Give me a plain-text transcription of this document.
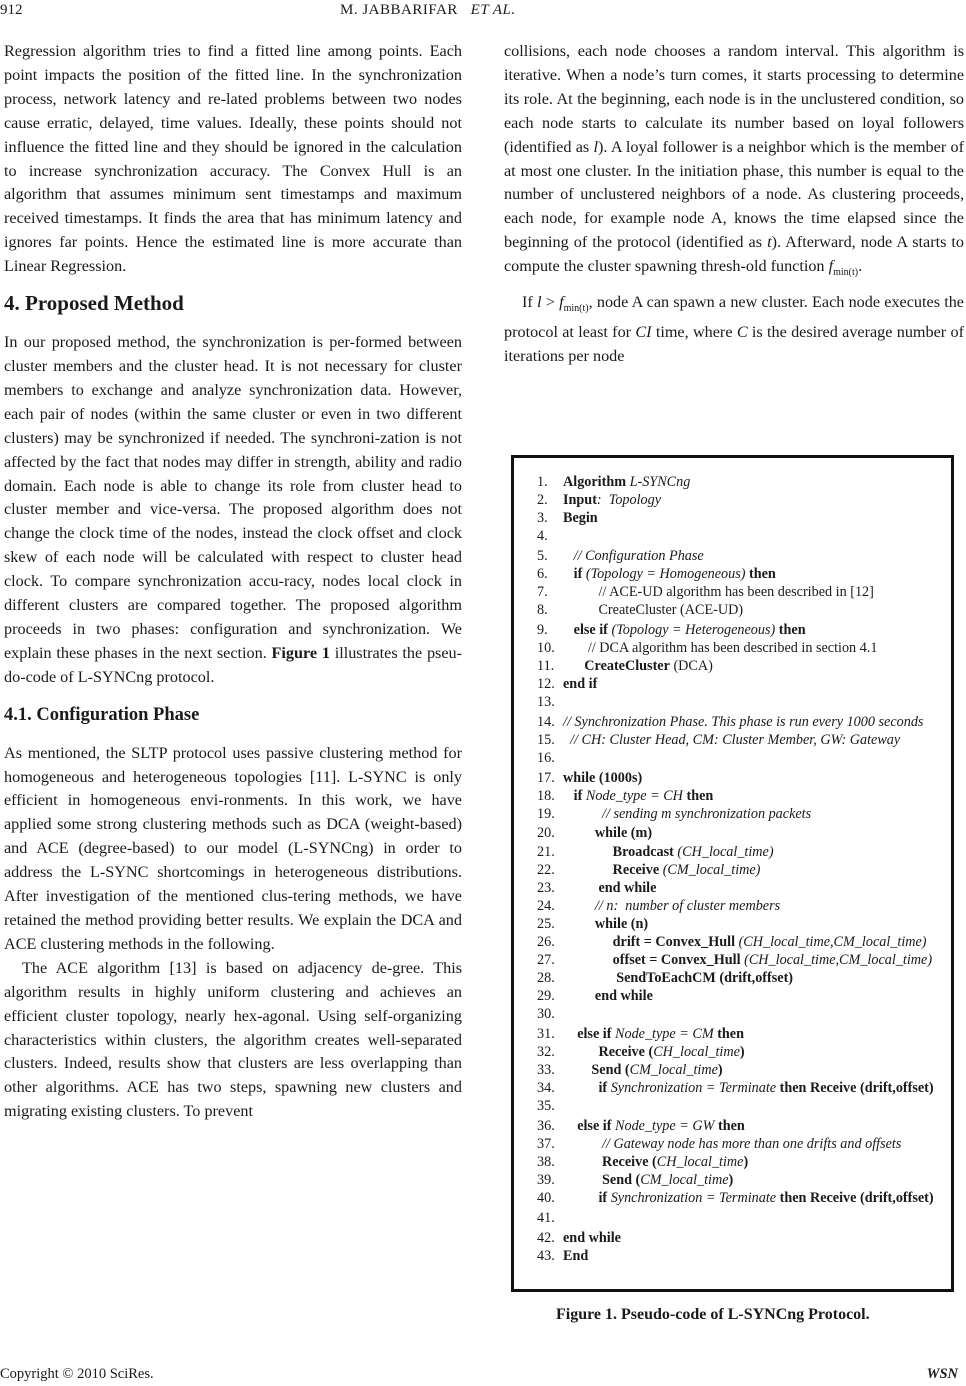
912	M. JABBARIFAR ET AL.

Regression algorithm tries to find a fitted line among points. Each point impacts the position of the fitted line. In the synchronization process, network latency and re-lated problems between two nodes cause erratic, delayed, time values. Ideally, these points should not influence the fitted line and they should be ignored in the calculation to increase synchronization accuracy. The Convex Hull is an algorithm that assumes minimum sent timestamps and maximum received timestamps. It finds the area that has minimum latency and ignores far points. Hence the estimated line is more accurate than Linear Regression.

4. Proposed Method

In our proposed method, the synchronization is per-formed between cluster members and the cluster head. It is not necessary for cluster members to exchange and analyze synchronization data. However, each pair of nodes (within the same cluster or even in two different clusters) may be synchronized if needed. The synchroni-zation is not affected by the fact that nodes may differ in strength, ability and radio domain. Each node is able to change its role from cluster head to cluster member and vice-versa. The proposed algorithm does not change the clock time of the nodes, instead the clock offset and clock skew of each node will be calculated with respect to cluster head clock. To compare synchronization accu-racy, nodes local clock in different clusters are compared together. The proposed algorithm proceeds in two phases: configuration and synchronization. We explain these phases in the next section. Figure 1 illustrates the pseu-do-code of L-SYNCng protocol.

4.1. Configuration Phase

As mentioned, the SLTP protocol uses passive clustering method for homogeneous and heterogeneous topologies [11]. L-SYNC is only efficient in homogeneous envi-ronments. In this work, we have applied some strong clustering methods such as DCA (weight-based) and ACE (degree-based) to our model (L-SYNCng) in order to address the L-SYNC shortcomings in heterogeneous distributions. After investigation of the mentioned clus-tering methods, we have retained the method providing better results. We explain the DCA and ACE clustering methods in the following.

The ACE algorithm [13] is based on adjacency de-gree. This algorithm results in highly uniform clustering and achieves an efficient cluster topology, nearly hex-agonal. Using self-organizing characteristics within clusters, the algorithm creates well-separated clusters. Indeed, results show that clusters are less overlapping than other algorithms. ACE has two steps, spawning new clusters and migrating existing clusters. To prevent

collisions, each node chooses a random interval. This algorithm is iterative. When a node’s turn comes, it starts processing to determine its role. At the beginning, each node is in the unclustered condition, so each node starts to calculate its number based on loyal followers (identified as l). A loyal follower is a neighbor which is the member of at most one cluster. In the initiation phase, this number is equal to the number of unclustered neighbors of a node. As clustering proceeds, each node, for example node A, knows the time elapsed since the beginning of the protocol (identified as t). Afterward, node A starts to compute the cluster spawning thresh-old function $f_{min(t)}$.

If $l > f_{min(t)}$, node A can spawn a new cluster. Each node executes the protocol at least for CI time, where C is the desired average number of iterations per node

1. Algorithm L-SYNCng
2. Input:  Topology
3. Begin
4.
5.   // Configuration Phase
6.   if (Topology = Homogeneous) then
7.          // ACE-UD algorithm has been described in [12]
8.          CreateCluster (ACE-UD)
9.   else if (Topology = Heterogeneous) then
10.       // DCA algorithm has been described in section 4.1
11.      CreateCluster (DCA)
12. end if
13.
14. // Synchronization Phase. This phase is run every 1000 seconds
15.  // CH: Cluster Head, CM: Cluster Member, GW: Gateway
16.
17. while (1000s)
18.   if Node_type = CH then
19.           // sending m synchronization packets
20.         while (m)
21.              Broadcast (CH_local_time)
22.              Receive (CM_local_time)
23.          end while
24.         // n:  number of cluster members
25.         while (n)
26.              drift = Convex_Hull (CH_local_time,CM_local_time)
27.              offset = Convex_Hull (CH_local_time,CM_local_time)
28.               SendToEachCM (drift,offset)
29.         end while
30.
31.    else if Node_type = CM then
32.          Receive (CH_local_time)
33.        Send (CM_local_time)
34.          if Synchronization = Terminate then Receive (drift,offset)
35.
36.    else if Node_type = GW then
37.           // Gateway node has more than one drifts and offsets
38.           Receive (CH_local_time)
39.           Send (CM_local_time)
40.          if Synchronization = Terminate then Receive (drift,offset)
41.
42. end while
43. End
Figure 1. Pseudo-code of L-SYNCng Protocol.
Copyright © 2010 SciRes.	WSN
